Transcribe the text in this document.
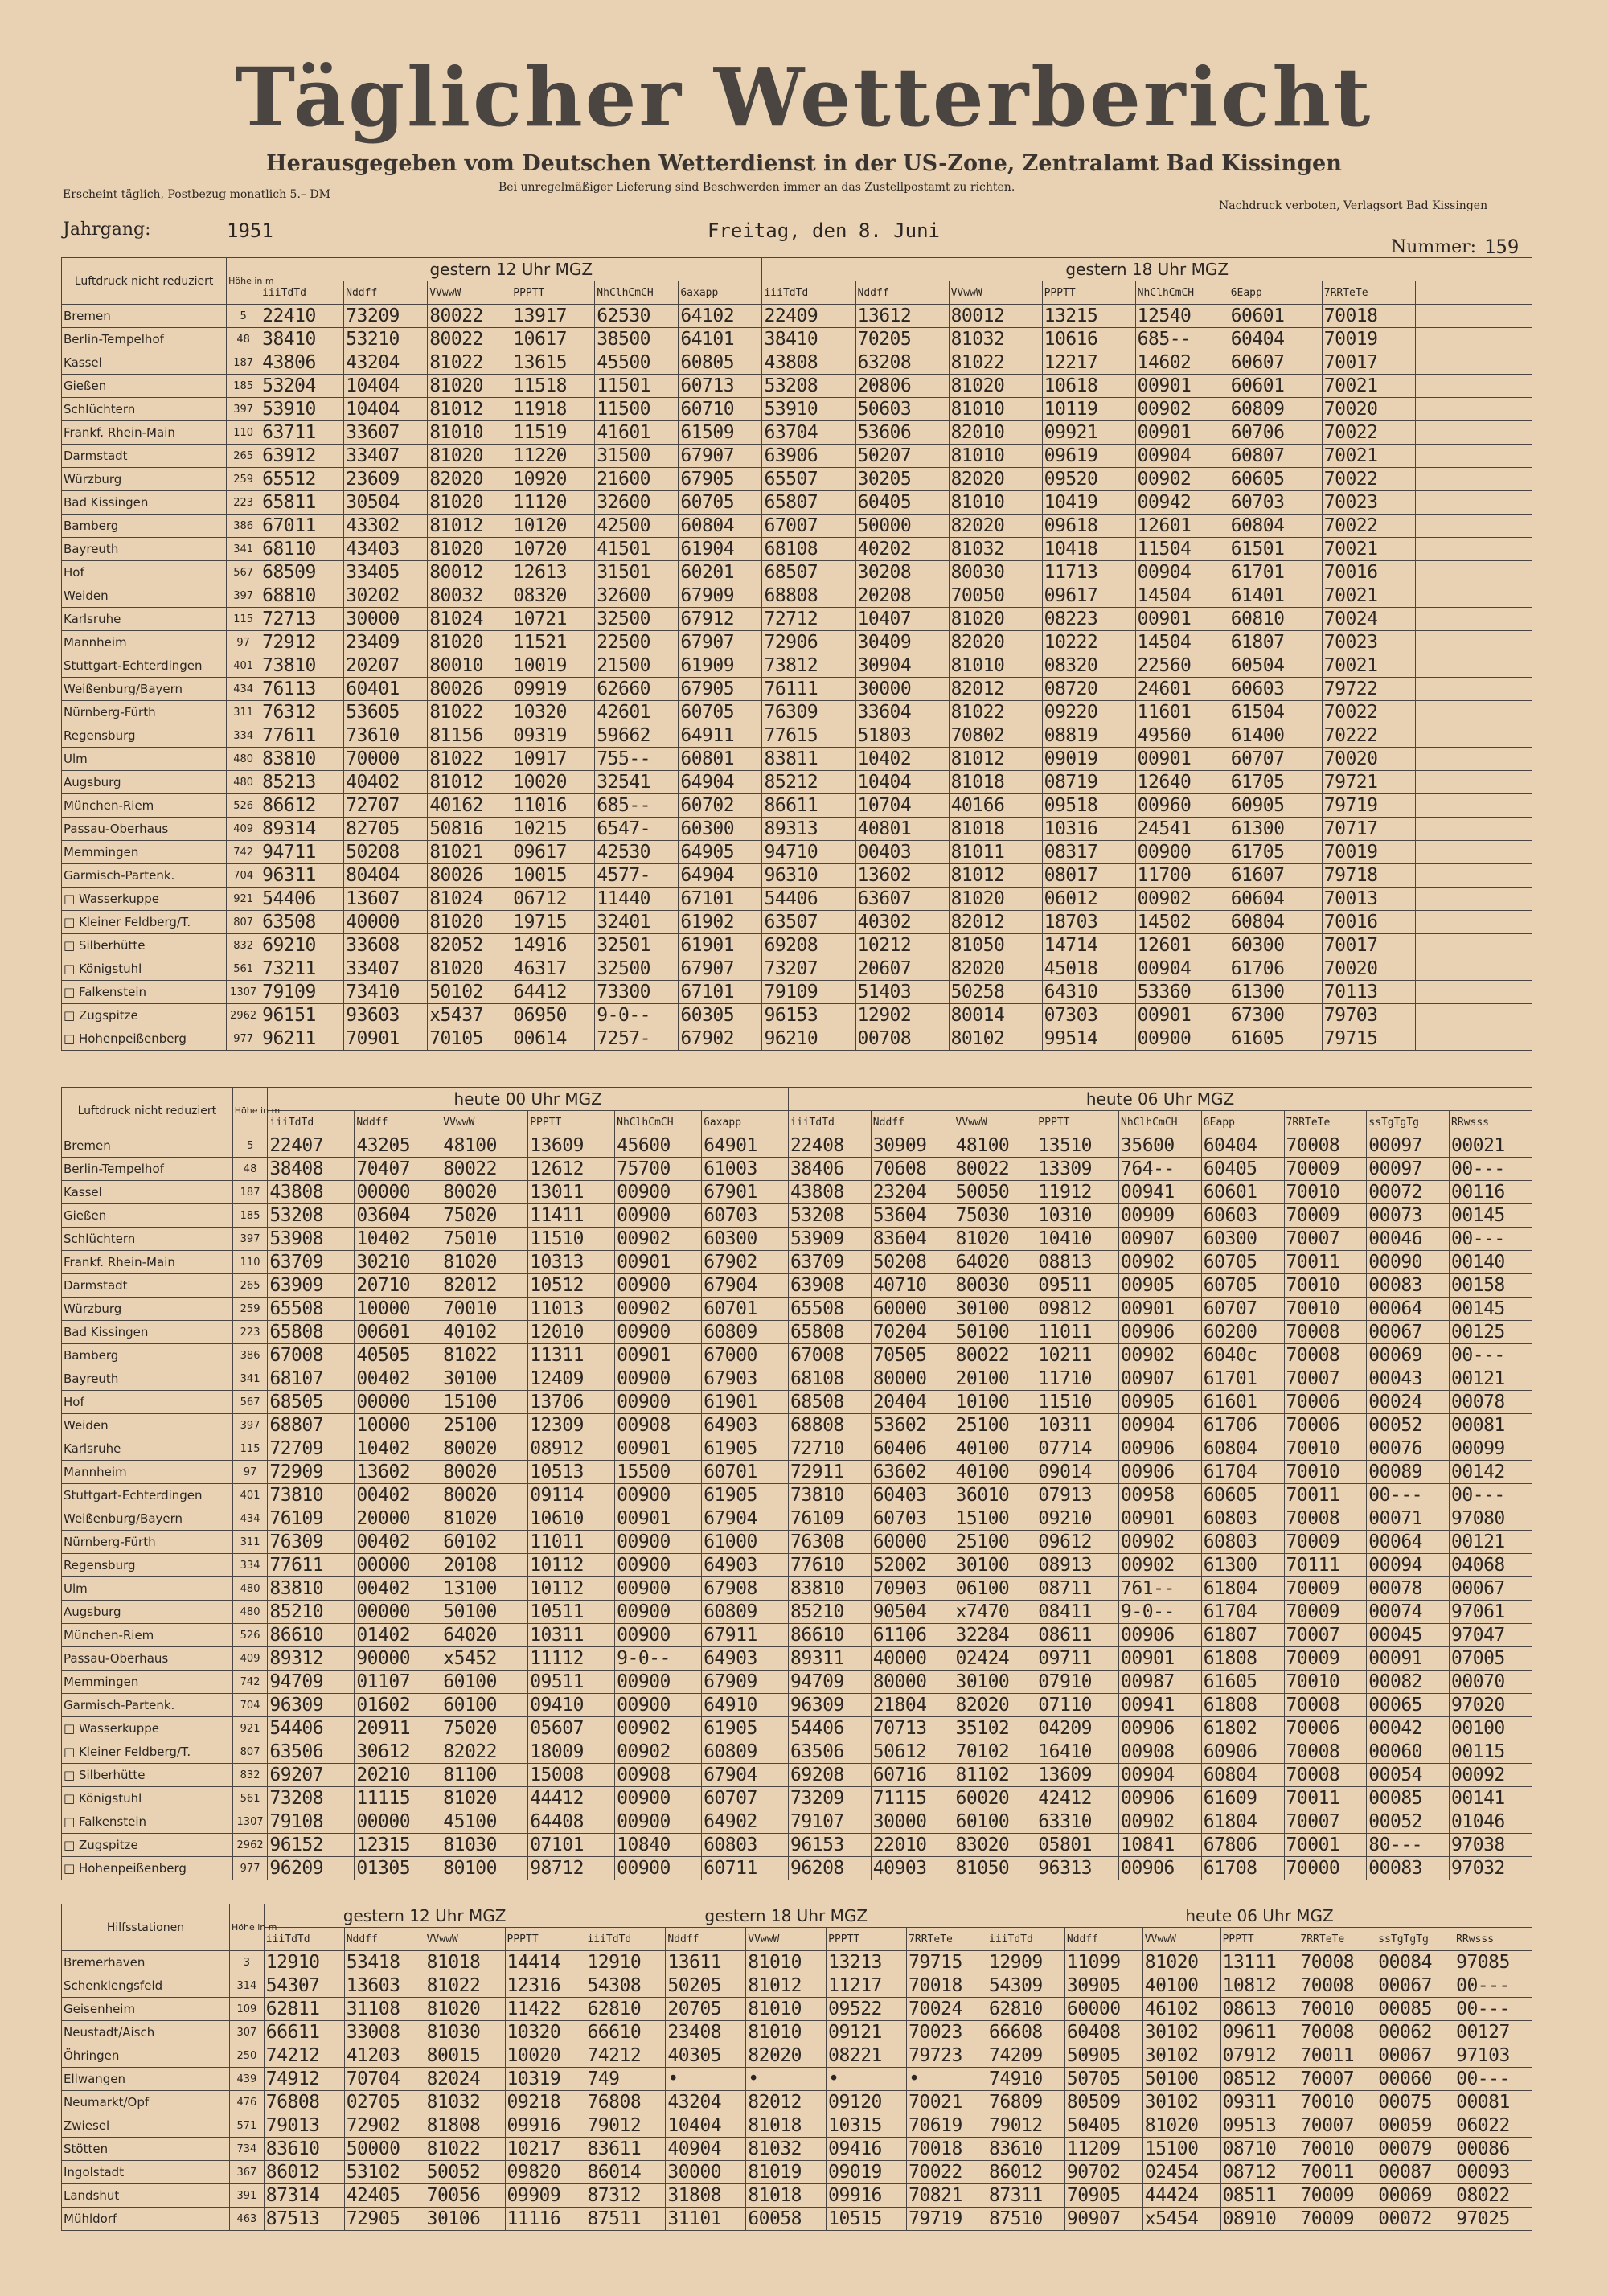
Täglicher Wetterbericht
Herausgegeben vom Deutschen Wetterdienst in der US-Zone, Zentralamt Bad Kissingen
Erscheint täglich, Postbezug monatlich 5.– DM
Bei unregelmäßiger Lieferung sind Beschwerden immer an das Zustellpostamt zu richten.
Nachdruck verboten, Verlagsort Bad Kissingen
Jahrgang:	1951	Freitag, den 8. Juni
Nummer: 159
Luftdruck nicht reduziert	Höhe in m	gestern 12 Uhr MGZ						gestern 18 Uhr MGZ							
		iiiTdTd	Nddff	VVwwW	PPPTT	NhClhCmCH	6axapp	iiiTdTd	Nddff	VVwwW	PPPTT	NhClhCmCH	6Eapp	7RRTeTe	
Bremen	5	22410	73209	80022	13917	62530	64102	22409	13612	80012	13215	12540	60601	70018	
Berlin-Tempelhof	48	38410	53210	80022	10617	38500	64101	38410	70205	81032	10616	685--	60404	70019	
Kassel	187	43806	43204	81022	13615	45500	60805	43808	63208	81022	12217	14602	60607	70017	
Gießen	185	53204	10404	81020	11518	11501	60713	53208	20806	81020	10618	00901	60601	70021	
Schlüchtern	397	53910	10404	81012	11918	11500	60710	53910	50603	81010	10119	00902	60809	70020	
Frankf. Rhein-Main	110	63711	33607	81010	11519	41601	61509	63704	53606	82010	09921	00901	60706	70022	
Darmstadt	265	63912	33407	81020	11220	31500	67907	63906	50207	81010	09619	00904	60807	70021	
Würzburg	259	65512	23609	82020	10920	21600	67905	65507	30205	82020	09520	00902	60605	70022	
Bad Kissingen	223	65811	30504	81020	11120	32600	60705	65807	60405	81010	10419	00942	60703	70023	
Bamberg	386	67011	43302	81012	10120	42500	60804	67007	50000	82020	09618	12601	60804	70022	
Bayreuth	341	68110	43403	81020	10720	41501	61904	68108	40202	81032	10418	11504	61501	70021	
Hof	567	68509	33405	80012	12613	31501	60201	68507	30208	80030	11713	00904	61701	70016	
Weiden	397	68810	30202	80032	08320	32600	67909	68808	20208	70050	09617	14504	61401	70021	
Karlsruhe	115	72713	30000	81024	10721	32500	67912	72712	10407	81020	08223	00901	60810	70024	
Mannheim	97	72912	23409	81020	11521	22500	67907	72906	30409	82020	10222	14504	61807	70023	
Stuttgart-Echterdingen	401	73810	20207	80010	10019	21500	61909	73812	30904	81010	08320	22560	60504	70021	
Weißenburg/Bayern	434	76113	60401	80026	09919	62660	67905	76111	30000	82012	08720	24601	60603	79722	
Nürnberg-Fürth	311	76312	53605	81022	10320	42601	60705	76309	33604	81022	09220	11601	61504	70022	
Regensburg	334	77611	73610	81156	09319	59662	64911	77615	51803	70802	08819	49560	61400	70222	
Ulm	480	83810	70000	81022	10917	755--	60801	83811	10402	81012	09019	00901	60707	70020	
Augsburg	480	85213	40402	81012	10020	32541	64904	85212	10404	81018	08719	12640	61705	79721	
München-Riem	526	86612	72707	40162	11016	685--	60702	86611	10704	40166	09518	00960	60905	79719	
Passau-Oberhaus	409	89314	82705	50816	10215	6547-	60300	89313	40801	81018	10316	24541	61300	70717	
Memmingen	742	94711	50208	81021	09617	42530	64905	94710	00403	81011	08317	00900	61705	70019	
Garmisch-Partenk.	704	96311	80404	80026	10015	4577-	64904	96310	13602	81012	08017	11700	61607	79718	
□ Wasserkuppe	921	54406	13607	81024	06712	11440	67101	54406	63607	81020	06012	00902	60604	70013	
□ Kleiner Feldberg/T.	807	63508	40000	81020	19715	32401	61902	63507	40302	82012	18703	14502	60804	70016	
□ Silberhütte	832	69210	33608	82052	14916	32501	61901	69208	10212	81050	14714	12601	60300	70017	
□ Königstuhl	561	73211	33407	81020	46317	32500	67907	73207	20607	82020	45018	00904	61706	70020	
□ Falkenstein	1307	79109	73410	50102	64412	73300	67101	79109	51403	50258	64310	53360	61300	70113	
□ Zugspitze	2962	96151	93603	x5437	06950	9-0--	60305	96153	12902	80014	07303	00901	67300	79703	
□ Hohenpeißenberg	977	96211	70901	70105	00614	7257-	67902	96210	00708	80102	99514	00900	61605	79715	
Luftdruck nicht reduziert	Höhe in m	heute 00 Uhr MGZ						heute 06 Uhr MGZ								
		iiiTdTd	Nddff	VVwwW	PPPTT	NhClhCmCH	6axapp	iiiTdTd	Nddff	VVwwW	PPPTT	NhClhCmCH	6Eapp	7RRTeTe	ssTgTgTg	RRwsss
Bremen	5	22407	43205	48100	13609	45600	64901	22408	30909	48100	13510	35600	60404	70008	00097	00021
Berlin-Tempelhof	48	38408	70407	80022	12612	75700	61003	38406	70608	80022	13309	764--	60405	70009	00097	00---
Kassel	187	43808	00000	80020	13011	00900	67901	43808	23204	50050	11912	00941	60601	70010	00072	00116
Gießen	185	53208	03604	75020	11411	00900	60703	53208	53604	75030	10310	00909	60603	70009	00073	00145
Schlüchtern	397	53908	10402	75010	11510	00902	60300	53909	83604	81020	10410	00907	60300	70007	00046	00---
Frankf. Rhein-Main	110	63709	30210	81020	10313	00901	67902	63709	50208	64020	08813	00902	60705	70011	00090	00140
Darmstadt	265	63909	20710	82012	10512	00900	67904	63908	40710	80030	09511	00905	60705	70010	00083	00158
Würzburg	259	65508	10000	70010	11013	00902	60701	65508	60000	30100	09812	00901	60707	70010	00064	00145
Bad Kissingen	223	65808	00601	40102	12010	00900	60809	65808	70204	50100	11011	00906	60200	70008	00067	00125
Bamberg	386	67008	40505	81022	11311	00901	67000	67008	70505	80022	10211	00902	6040c	70008	00069	00---
Bayreuth	341	68107	00402	30100	12409	00900	67903	68108	80000	20100	11710	00907	61701	70007	00043	00121
Hof	567	68505	00000	15100	13706	00900	61901	68508	20404	10100	11510	00905	61601	70006	00024	00078
Weiden	397	68807	10000	25100	12309	00908	64903	68808	53602	25100	10311	00904	61706	70006	00052	00081
Karlsruhe	115	72709	10402	80020	08912	00901	61905	72710	60406	40100	07714	00906	60804	70010	00076	00099
Mannheim	97	72909	13602	80020	10513	15500	60701	72911	63602	40100	09014	00906	61704	70010	00089	00142
Stuttgart-Echterdingen	401	73810	00402	80020	09114	00900	61905	73810	60403	36010	07913	00958	60605	70011	00---	00---
Weißenburg/Bayern	434	76109	20000	81020	10610	00901	67904	76109	60703	15100	09210	00901	60803	70008	00071	97080
Nürnberg-Fürth	311	76309	00402	60102	11011	00900	61000	76308	60000	25100	09612	00902	60803	70009	00064	00121
Regensburg	334	77611	00000	20108	10112	00900	64903	77610	52002	30100	08913	00902	61300	70111	00094	04068
Ulm	480	83810	00402	13100	10112	00900	67908	83810	70903	06100	08711	761--	61804	70009	00078	00067
Augsburg	480	85210	00000	50100	10511	00900	60809	85210	90504	x7470	08411	9-0--	61704	70009	00074	97061
München-Riem	526	86610	01402	64020	10311	00900	67911	86610	61106	32284	08611	00906	61807	70007	00045	97047
Passau-Oberhaus	409	89312	90000	x5452	11112	9-0--	64903	89311	40000	02424	09711	00901	61808	70009	00091	07005
Memmingen	742	94709	01107	60100	09511	00900	67909	94709	80000	30100	07910	00987	61605	70010	00082	00070
Garmisch-Partenk.	704	96309	01602	60100	09410	00900	64910	96309	21804	82020	07110	00941	61808	70008	00065	97020
□ Wasserkuppe	921	54406	20911	75020	05607	00902	61905	54406	70713	35102	04209	00906	61802	70006	00042	00100
□ Kleiner Feldberg/T.	807	63506	30612	82022	18009	00902	60809	63506	50612	70102	16410	00908	60906	70008	00060	00115
□ Silberhütte	832	69207	20210	81100	15008	00908	67904	69208	60716	81102	13609	00904	60804	70008	00054	00092
□ Königstuhl	561	73208	11115	81020	44412	00900	60707	73209	71115	60020	42412	00906	61609	70011	00085	00141
□ Falkenstein	1307	79108	00000	45100	64408	00900	64902	79107	30000	60100	63310	00902	61804	70007	00052	01046
□ Zugspitze	2962	96152	12315	81030	07101	10840	60803	96153	22010	83020	05801	10841	67806	70001	80---	97038
□ Hohenpeißenberg	977	96209	01305	80100	98712	00900	60711	96208	40903	81050	96313	00906	61708	70000	00083	97032
Hilfsstationen	Höhe in m	gestern 12 Uhr MGZ				gestern 18 Uhr MGZ					heute 06 Uhr MGZ						
		iiiTdTd	Nddff	VVwwW	PPPTT	iiiTdTd	Nddff	VVwwW	PPPTT	7RRTeTe	iiiTdTd	Nddff	VVwwW	PPPTT	7RRTeTe	ssTgTgTg	RRwsss
Bremerhaven	3	12910	53418	81018	14414	12910	13611	81010	13213	79715	12909	11099	81020	13111	70008	00084	97085
Schenklengsfeld	314	54307	13603	81022	12316	54308	50205	81012	11217	70018	54309	30905	40100	10812	70008	00067	00---
Geisenheim	109	62811	31108	81020	11422	62810	20705	81010	09522	70024	62810	60000	46102	08613	70010	00085	00---
Neustadt/Aisch	307	66611	33008	81030	10320	66610	23408	81010	09121	70023	66608	60408	30102	09611	70008	00062	00127
Öhringen	250	74212	41203	80015	10020	74212	40305	82020	08221	79723	74209	50905	30102	07912	70011	00067	97103
Ellwangen	439	74912	70704	82024	10319	749	•	•	•	•	74910	50705	50100	08512	70007	00060	00---
Neumarkt/Opf	476	76808	02705	81032	09218	76808	43204	82012	09120	70021	76809	80509	30102	09311	70010	00075	00081
Zwiesel	571	79013	72902	81808	09916	79012	10404	81018	10315	70619	79012	50405	81020	09513	70007	00059	06022
Stötten	734	83610	50000	81022	10217	83611	40904	81032	09416	70018	83610	11209	15100	08710	70010	00079	00086
Ingolstadt	367	86012	53102	50052	09820	86014	30000	81019	09019	70022	86012	90702	02454	08712	70011	00087	00093
Landshut	391	87314	42405	70056	09909	87312	31808	81018	09916	70821	87311	70905	44424	08511	70009	00069	08022
Mühldorf	463	87513	72905	30106	11116	87511	31101	60058	10515	79719	87510	90907	x5454	08910	70009	00072	97025
